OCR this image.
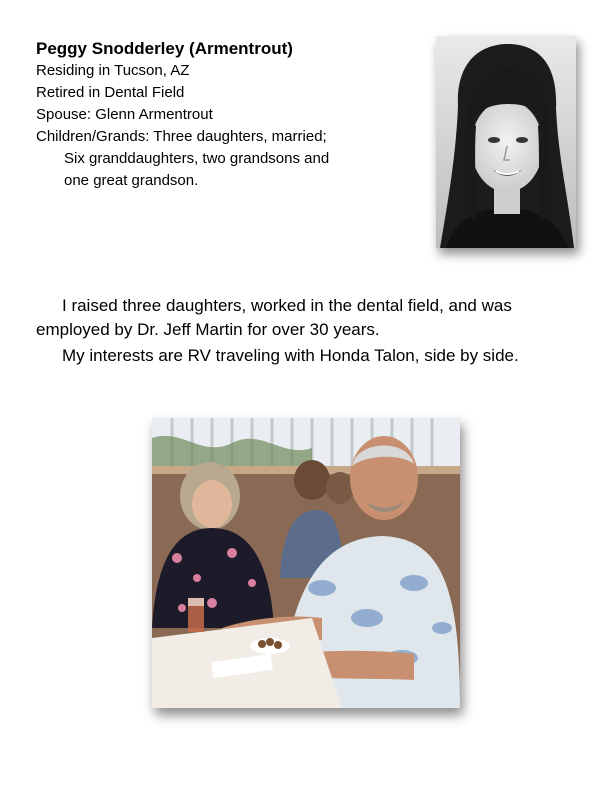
Peggy Snodderley (Armentrout)

Residing in Tucson, AZ

Retired in Dental Field

Spouse: Glenn Armentrout

Children/Grands: Three daughters, married;

Six granddaughters, two grandsons and

one great grandson.

I raised three daughters, worked in the dental field, and was employed by Dr. Jeff Martin for over 30 years.

My interests are RV traveling with Honda Talon, side by side.
